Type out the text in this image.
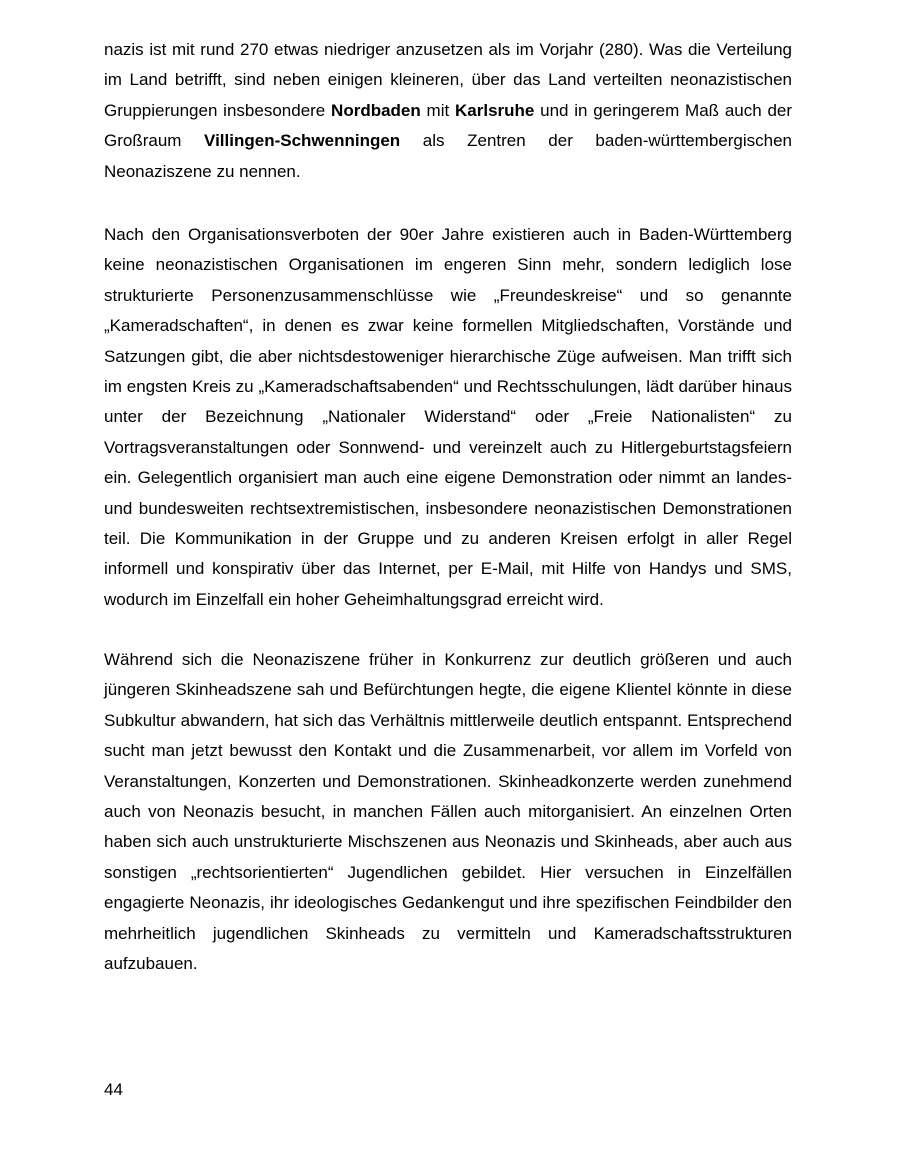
nazis ist mit rund 270 etwas niedriger anzusetzen als im Vorjahr (280). Was die Verteilung im Land betrifft, sind neben einigen kleineren, über das Land verteilten neonazistischen Gruppierungen insbesondere Nordbaden mit Karlsruhe und in geringerem Maß auch der Großraum Villingen-Schwenningen als Zentren der baden-württembergischen Neonaziszene zu nennen.

Nach den Organisationsverboten der 90er Jahre existieren auch in Baden-Württemberg keine neonazistischen Organisationen im engeren Sinn mehr, sondern lediglich lose strukturierte Personenzusammenschlüsse wie „Freundeskreise“ und so genannte „Kameradschaften“, in denen es zwar keine formellen Mitgliedschaften, Vorstände und Satzungen gibt, die aber nichtsdestoweniger hierarchische Züge aufweisen. Man trifft sich im engsten Kreis zu „Kameradschaftsabenden“ und Rechtsschulungen, lädt darüber hinaus unter der Bezeichnung „Nationaler Widerstand“ oder „Freie Nationalisten“ zu Vortragsveranstaltungen oder Sonnwend- und vereinzelt auch zu Hitlergeburtstagsfeiern ein. Gelegentlich organisiert man auch eine eigene Demonstration oder nimmt an landes- und bundesweiten rechtsextremistischen, insbesondere neonazistischen Demonstrationen teil. Die Kommunikation in der Gruppe und zu anderen Kreisen erfolgt in aller Regel informell und konspirativ über das Internet, per E-Mail, mit Hilfe von Handys und SMS, wodurch im Einzelfall ein hoher Geheimhaltungsgrad erreicht wird.

Während sich die Neonaziszene früher in Konkurrenz zur deutlich größeren und auch jüngeren Skinheadszene sah und Befürchtungen hegte, die eigene Klientel könnte in diese Subkultur abwandern, hat sich das Verhältnis mittlerweile deutlich entspannt. Entsprechend sucht man jetzt bewusst den Kontakt und die Zusammenarbeit, vor allem im Vorfeld von Veranstaltungen, Konzerten und Demonstrationen. Skinheadkonzerte werden zunehmend auch von Neonazis besucht, in manchen Fällen auch mitorganisiert. An einzelnen Orten haben sich auch unstrukturierte Mischszenen aus Neonazis und Skinheads, aber auch aus sonstigen „rechtsorientierten“ Jugendlichen gebildet. Hier versuchen in Einzelfällen engagierte Neonazis, ihr ideologisches Gedankengut und ihre spezifischen Feindbilder den mehrheitlich jugendlichen Skinheads zu vermitteln und Kameradschaftsstrukturen aufzubauen.

44
